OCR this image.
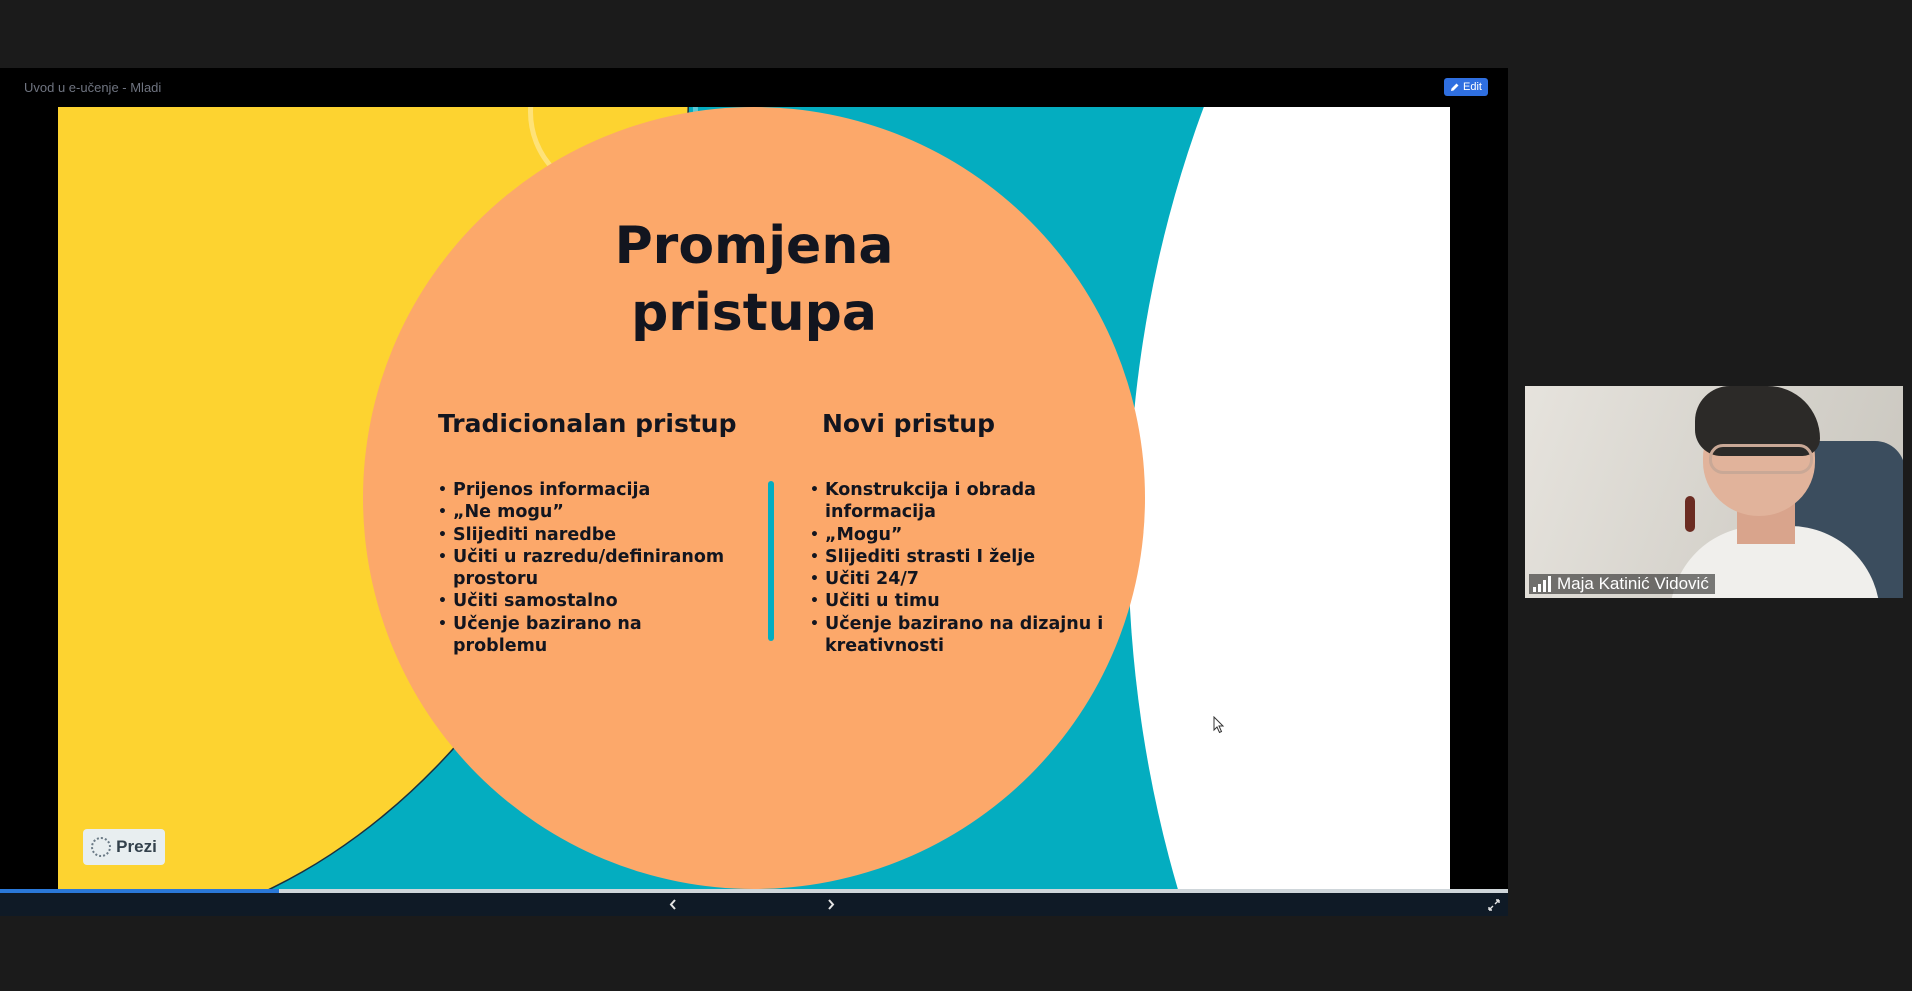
Uvod u e-učenje - Mladi	Edit
Promjena
pristupa
Tradicionalan pristup	Novi pristup
• Prijenos informacija
• „Ne mogu”
• Slijediti naredbe
• Učiti u razredu/definiranom prostoru
• Učiti samostalno
• Učenje bazirano na problemu
• Konstrukcija i obrada informacija
• „Mogu”
• Slijediti strasti I želje
• Učiti 24/7
• Učiti u timu
• Učenje bazirano na dizajnu i kreativnosti
Prezi
Maja Katinić Vidović
